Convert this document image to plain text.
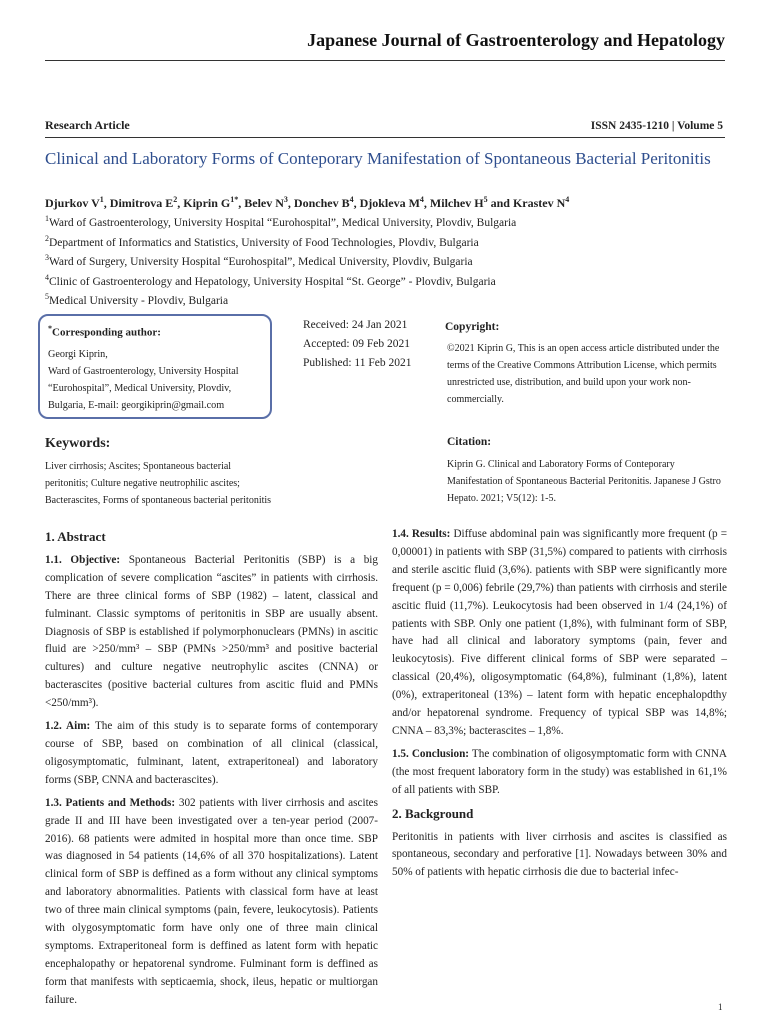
Japanese Journal of Gastroenterology and Hepatology
Research Article	ISSN 2435-1210 | Volume 5
Clinical and Laboratory Forms of Conteporary Manifestation of Spontaneous Bacterial Peritonitis
Djurkov $V^1$, Dimitrova $E^2$, Kiprin $G^{1*}$, Belev $N^3$, Donchev $B^4$, Djokleva $M^4$, Milchev $H^5$ and Krastev $N^4$
$^1$Ward of Gastroenterology, University Hospital “Eurohospital”, Medical University, Plovdiv, Bulgaria
$^2$Department of Informatics and Statistics, University of Food Technologies, Plovdiv, Bulgaria
$^3$Ward of Surgery, University Hospital “Eurohospital”, Medical University, Plovdiv, Bulgaria
$^4$Clinic of Gastroenterology and Hepatology, University Hospital “St. George” - Plovdiv, Bulgaria
$^5$Medical University - Plovdiv, Bulgaria
*Corresponding author:
Georgi Kiprin,
Ward of Gastroenterology, University Hospital “Eurohospital”, Medical University, Plovdiv, Bulgaria, E-mail: georgikiprin@gmail.com
Received: 24 Jan 2021
Accepted: 09 Feb 2021
Published: 11 Feb 2021
Copyright:
©2021 Kiprin G, This is an open access article distributed under the terms of the Creative Commons Attribution License, which permits unrestricted use, distribution, and build upon your work non-commercially.
Keywords:
Liver cirrhosis; Ascites; Spontaneous bacterial peritonitis; Culture negative neutrophilic ascites; Bacterascites, Forms of spontaneous bacterial peritonitis
Citation:
Kiprin G. Clinical and Laboratory Forms of Conteporary Manifestation of Spontaneous Bacterial Peritonitis. Japanese J Gstro Hepato. 2021; V5(12): 1-5.
1. Abstract

1.1. Objective: Spontaneous Bacterial Peritonitis (SBP) is a big complication of severe complication “ascites” in patients with cirrhosis. There are three clinical forms of SBP (1982) – latent, classical and fulminant. Classic symptoms of peritonitis in SBP are usually absent. Diagnosis of SBP is established if polymorphonuclears (PMNs) in ascitic fluid are >250/mm³ – SBP (PMNs >250/mm³ and positive bacterial cultures) and culture negative neutrophylic ascites (CNNA) or bacterascites (positive bacterial cultures from ascitic fluid and PMNs <250/mm³).

1.2. Aim: The aim of this study is to separate forms of contemporary course of SBP, based on combination of all clinical (classical, oligosymptomatic, fulminant, latent, extraperitoneal) and laboratory forms (SBP, CNNA and bacterascites).

1.3. Patients and Methods: 302 patients with liver cirrhosis and ascites grade II and III have been investigated over a ten-year period (2007-2016). 68 patients were admited in hospital more than once time. SBP was diagnosed in 54 patients (14,6% of all 370 hospitalizations). Latent clinical form of SBP is deffined as a form without any clinical symptoms and laboratory abnormalities. Patients with classical form have at least two of three main clinical symptoms (pain, fevere, leukocytosis). Patients with olygosymptomatic form have only one of three main clinical symptoms. Extraperitoneal form is deffined as latent form with hepatic encephalopathy or hepatorenal syndrome. Fulminant form is deffined as form that manifests with septicaemia, shock, ileus, hepatic or multiorgan failure.

1.4. Results: Diffuse abdominal pain was significantly more frequent (p = 0,00001) in patients with SBP (31,5%) compared to patients with cirrhosis and sterile ascitic fluid (3,6%). patients with SBP were significantly more frequent (p = 0,006) febrile (29,7%) than patients with cirrhosis and sterile ascitic fluid (11,7%). Leukocytosis had been observed in 1/4 (24,1%) of patients with SBP. Only one patient (1,8%), with fulminant form of SBP, have had all clinical and laboratory symptoms (pain, fever and leukocytosis). Five different clinical forms of SBP were separated – classical (20,4%), oligosymptomatic (64,8%), fulminant (1,8%), latent (0%), extraperitoneal (13%) – latent form with hepatic encephalopdthy and/or hepatorenal syndrome. Frequency of typical SBP was 14,8%; CNNA – 83,3%; bacterascites – 1,8%.

1.5. Conclusion: The combination of oligosymptomatic form with CNNA (the most frequent laboratory form in the study) was established in 61,1% of all patients with SBP.

2. Background

Peritonitis in patients with liver cirrhosis and ascites is classified as spontaneous, secondary and perforative [1]. Nowadays between 30% and 50% of patients with hepatic cirrhosis die due to bacterial infec-

1
